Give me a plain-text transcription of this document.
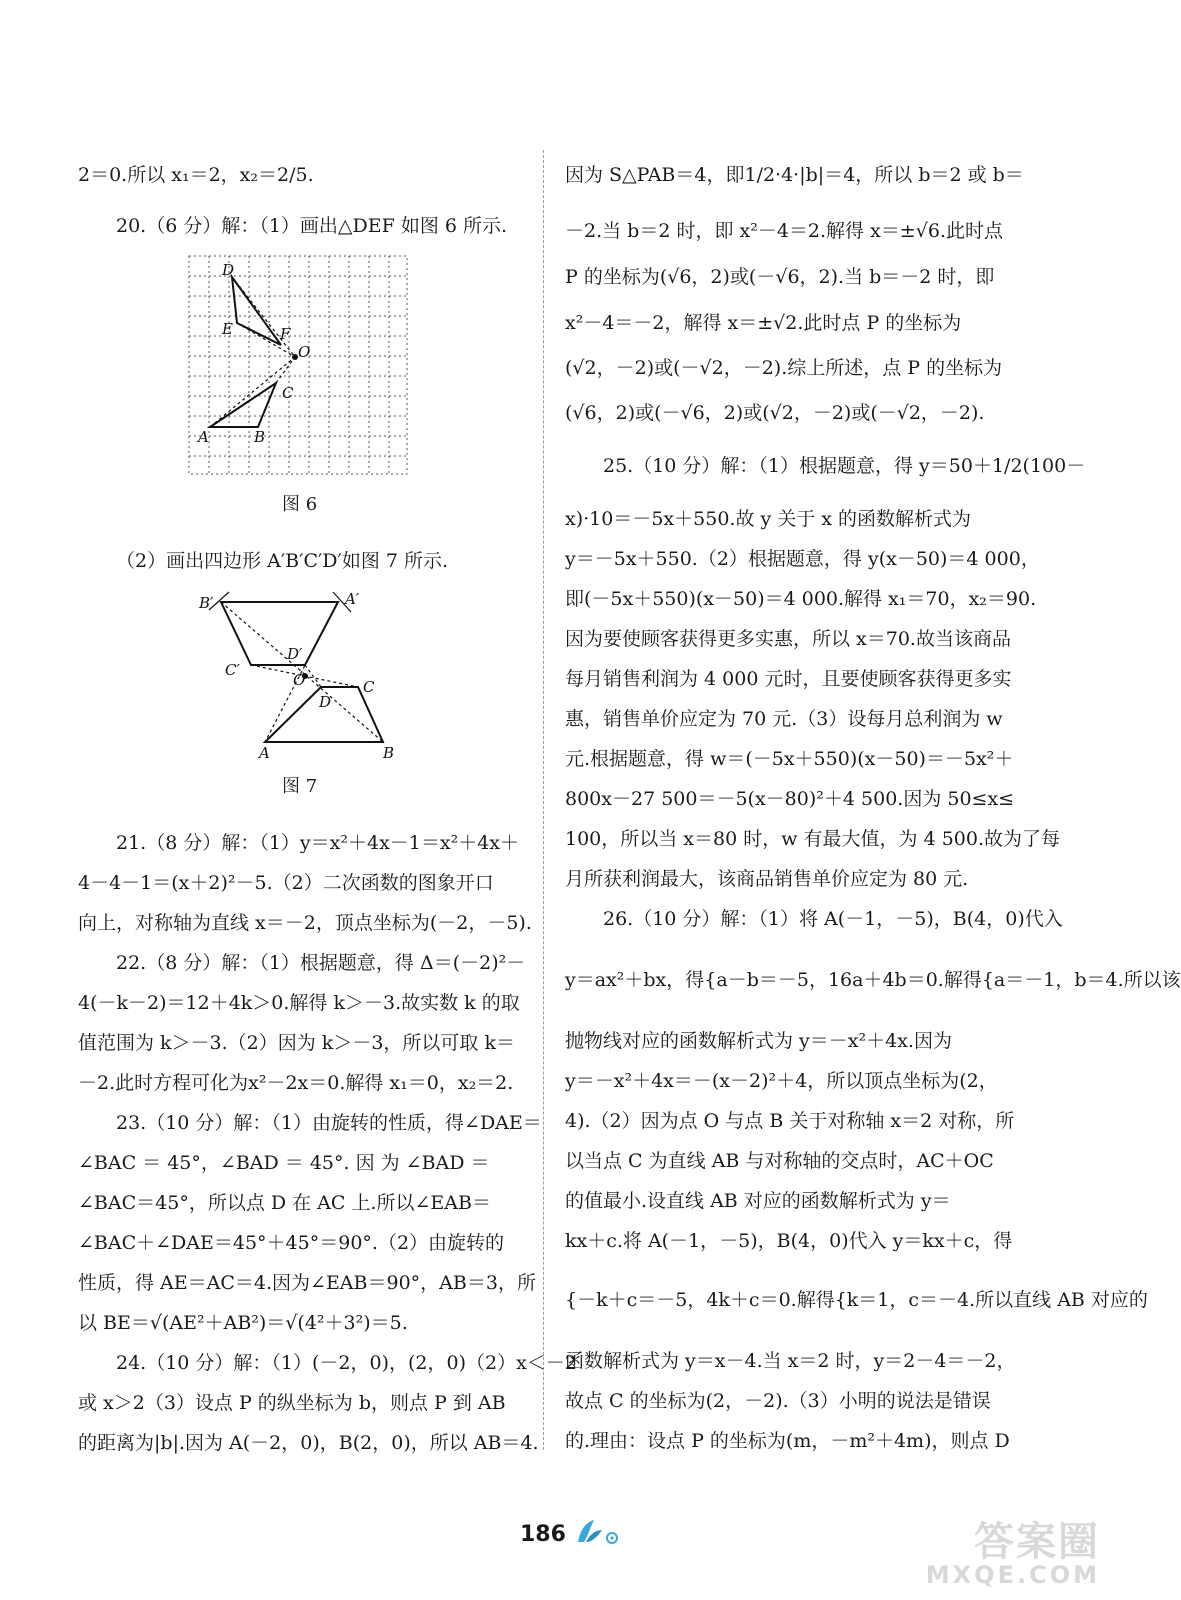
2＝0.所以 x₁＝2，x₂＝2/5.
20.（6 分）解：（1）画出△DEF 如图 6 所示.
D
E	F
O
C
A	B
图 6
（2）画出四边形 A′B′C′D′如图 7 所示.
B′	A′
D′
C′
O	C
D
A	B
图 7
21.（8 分）解：（1）y＝x²＋4x－1＝x²＋4x＋
4－4－1＝(x＋2)²－5.（2）二次函数的图象开口
向上，对称轴为直线 x＝－2，顶点坐标为(－2，－5).
22.（8 分）解：（1）根据题意，得 Δ＝(－2)²－
4(－k－2)＝12＋4k＞0.解得 k＞－3.故实数 k 的取
值范围为 k＞－3.（2）因为 k＞－3，所以可取 k＝
－2.此时方程可化为x²－2x＝0.解得 x₁＝0，x₂＝2.
23.（10 分）解：（1）由旋转的性质，得∠DAE＝
∠BAC ＝ 45°，∠BAD ＝ 45°. 因 为 ∠BAD ＝
∠BAC＝45°，所以点 D 在 AC 上.所以∠EAB＝
∠BAC＋∠DAE＝45°＋45°＝90°.（2）由旋转的
性质，得 AE＝AC＝4.因为∠EAB＝90°，AB＝3，所
以 BE＝√(AE²＋AB²)＝√(4²＋3²)＝5.
24.（10 分）解：（1）(－2，0)，(2，0)（2）x＜－2
或 x＞2（3）设点 P 的纵坐标为 b，则点 P 到 AB
的距离为|b|.因为 A(－2，0)，B(2，0)，所以 AB＝4.
因为 S△PAB＝4，即1/2·4·|b|＝4，所以 b＝2 或 b＝
－2.当 b＝2 时，即 x²－4＝2.解得 x＝±√6.此时点
P 的坐标为(√6，2)或(－√6，2).当 b＝－2 时，即
x²－4＝－2，解得 x＝±√2.此时点 P 的坐标为
(√2，－2)或(－√2，－2).综上所述，点 P 的坐标为
(√6，2)或(－√6，2)或(√2，－2)或(－√2，－2).
25.（10 分）解：（1）根据题意，得 y＝50＋1/2(100－
x)·10＝－5x＋550.故 y 关于 x 的函数解析式为
y＝－5x＋550.（2）根据题意，得 y(x－50)＝4 000，
即(－5x＋550)(x－50)＝4 000.解得 x₁＝70，x₂＝90.
因为要使顾客获得更多实惠，所以 x＝70.故当该商品
每月销售利润为 4 000 元时，且要使顾客获得更多实
惠，销售单价应定为 70 元.（3）设每月总利润为 w
元.根据题意，得 w＝(－5x＋550)(x－50)＝－5x²＋
800x－27 500＝－5(x－80)²＋4 500.因为 50≤x≤
100，所以当 x＝80 时，w 有最大值，为 4 500.故为了每
月所获利润最大，该商品销售单价应定为 80 元.
26.（10 分）解：（1）将 A(－1，－5)，B(4，0)代入
y＝ax²＋bx，得{a－b＝－5，16a＋4b＝0.解得{a＝－1，b＝4.所以该
抛物线对应的函数解析式为 y＝－x²＋4x.因为
y＝－x²＋4x＝－(x－2)²＋4，所以顶点坐标为(2，
4).（2）因为点 O 与点 B 关于对称轴 x＝2 对称，所
以当点 C 为直线 AB 与对称轴的交点时，AC＋OC
的值最小.设直线 AB 对应的函数解析式为 y＝
kx＋c.将 A(－1，－5)，B(4，0)代入 y＝kx＋c，得
{－k＋c＝－5，4k＋c＝0.解得{k＝1，c＝－4.所以直线 AB 对应的
函数解析式为 y＝x－4.当 x＝2 时，y＝2－4＝－2，
故点 C 的坐标为(2，－2).（3）小明的说法是错误
的.理由：设点 P 的坐标为(m，－m²＋4m)，则点 D
186	答案圈
MXQE.COM
